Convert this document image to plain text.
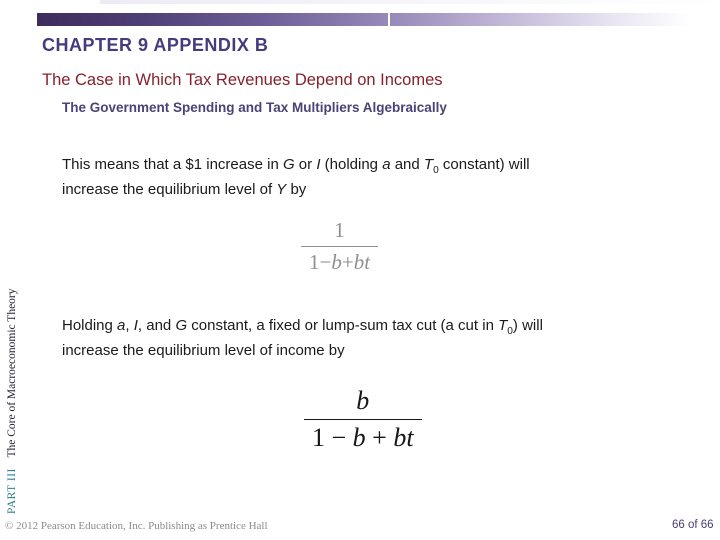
CHAPTER 9 APPENDIX B
The Case in Which Tax Revenues Depend on Incomes
The Government Spending and Tax Multipliers Algebraically
This means that a $1 increase in G or I (holding a and $T_0$ constant) will
increase the equilibrium level of Y by
$\frac{1}{1-b+bt}$
Holding a, I, and G constant, a fixed or lump-sum tax cut (a cut in $T_0$) will
increase the equilibrium level of income by
$\frac{b}{1 - b + bt}$
PART III The Core of Macroeconomic Theory
© 2012 Pearson Education, Inc. Publishing as Prentice Hall	66 of 66
